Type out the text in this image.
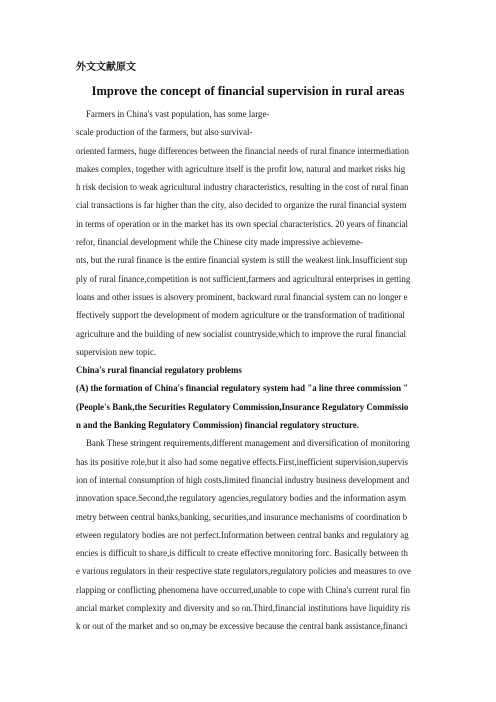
外文文献原文
Improve the concept of financial supervision in rural areas
Farmers in China's vast population, has some large-
scale production of the farmers, but also survival-
oriented farmers, huge differences between the financial needs of rural finance intermediation
makes complex, together with agriculture itself is the profit low, natural and market risks hig
h risk decision to weak agricultural industry characteristics, resulting in the cost of rural finan
cial transactions is far higher than the city, also decided to organize the rural financial system
in terms of operation or in the market has its own special characteristics. 20 years of financial
refor, financial development while the Chinese city made impressive achieveme-
nts, but the rural finance is the entire financial system is still the weakest link.Insufficient sup
ply of rural finance,competition is not sufficient,farmers and agricultural enterprises in getting
loans and other issues is alsovery prominent, backward rural financial system can no longer e
ffectively support the development of modern agriculture or the transformation of traditional
agriculture and the building of new socialist countryside,which to improve the rural financial
supervision new topic.
China's rural financial regulatory problems
(A) the formation of China's financial regulatory system had "a line three commission "
(People's Bank,the Securities Regulatory Commission,Insurance Regulatory Commissio
n and the Banking Regulatory Commission) financial regulatory structure.
Bank These stringent requirements,different management and diversification of monitoring
has its positive role,but it also had some negative effects.First,inefficient supervision,supervis
ion of internal consumption of high costs,limited financial industry business development and
innovation space.Second,the regulatory agencies,regulatory bodies and the information asym
metry between central banks,banking, securities,and insurance mechanisms of coordination b
etween regulatory bodies are not perfect.Information between central banks and regulatory ag
encies is difficult to share,is difficult to create effective monitoring forc. Basically between th
e various regulators in their respective state regulators,regulatory policies and measures to ove
rlapping or conflicting phenomena have occurred,unable to cope with China's current rural fin
ancial market complexity and diversity and so on.Third,financial institutions have liquidity ris
k or out of the market and so on,may be excessive because the central bank assistance,financi
